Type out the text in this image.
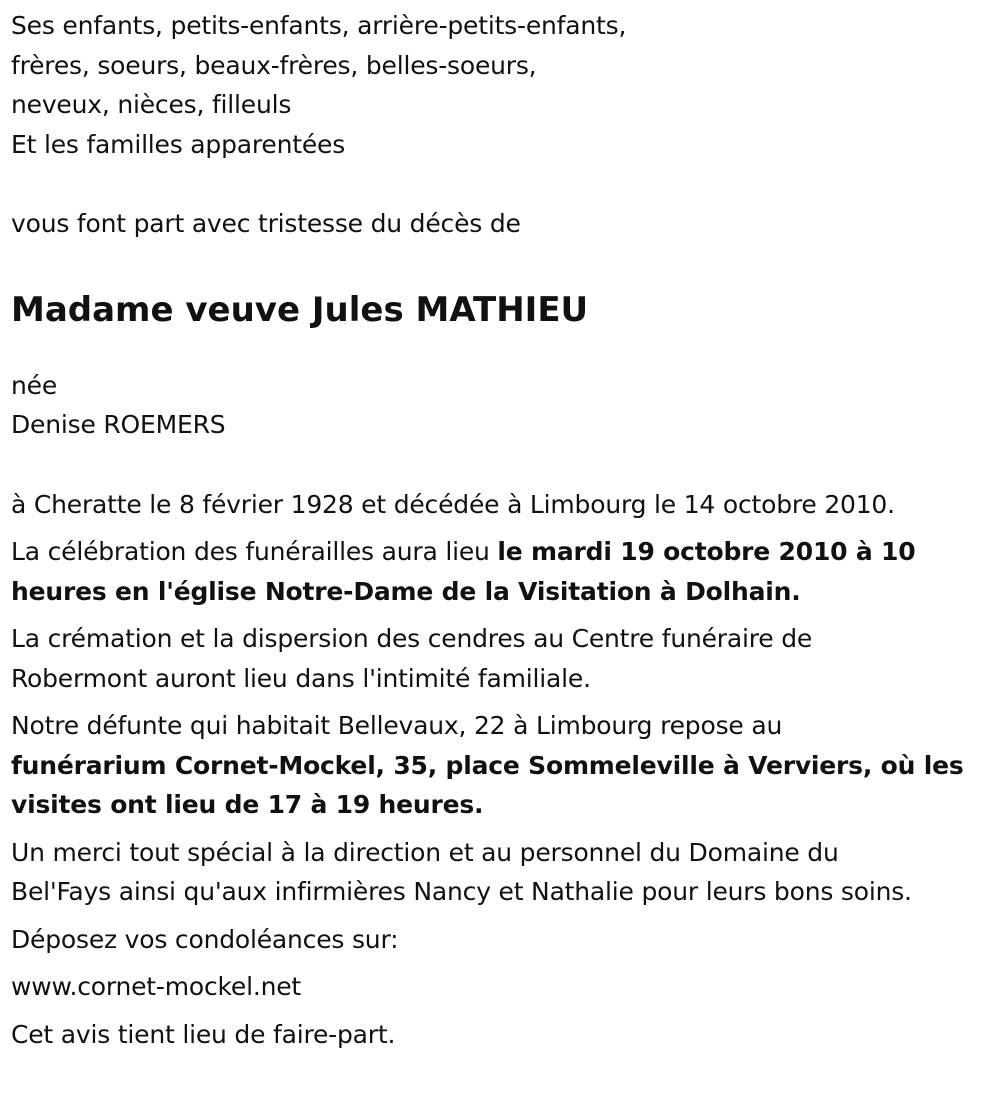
Ses enfants, petits-enfants, arrière-petits-enfants,
frères, soeurs, beaux-frères, belles-soeurs,
neveux, nièces, filleuls
Et les familles apparentées
vous font part avec tristesse du décès de
Madame veuve Jules MATHIEU
née
Denise ROEMERS
à Cheratte le 8 février 1928 et décédée à Limbourg le 14 octobre 2010.
La célébration des funérailles aura lieu le mardi 19 octobre 2010 à 10
heures en l'église Notre-Dame de la Visitation à Dolhain.
La crémation et la dispersion des cendres au Centre funéraire de
Robermont auront lieu dans l'intimité familiale.
Notre défunte qui habitait Bellevaux, 22 à Limbourg repose au
funérarium Cornet-Mockel, 35, place Sommeleville à Verviers, où les
visites ont lieu de 17 à 19 heures.
Un merci tout spécial à la direction et au personnel du Domaine du
Bel'Fays ainsi qu'aux infirmières Nancy et Nathalie pour leurs bons soins.
Déposez vos condoléances sur:
www.cornet-mockel.net
Cet avis tient lieu de faire-part.
